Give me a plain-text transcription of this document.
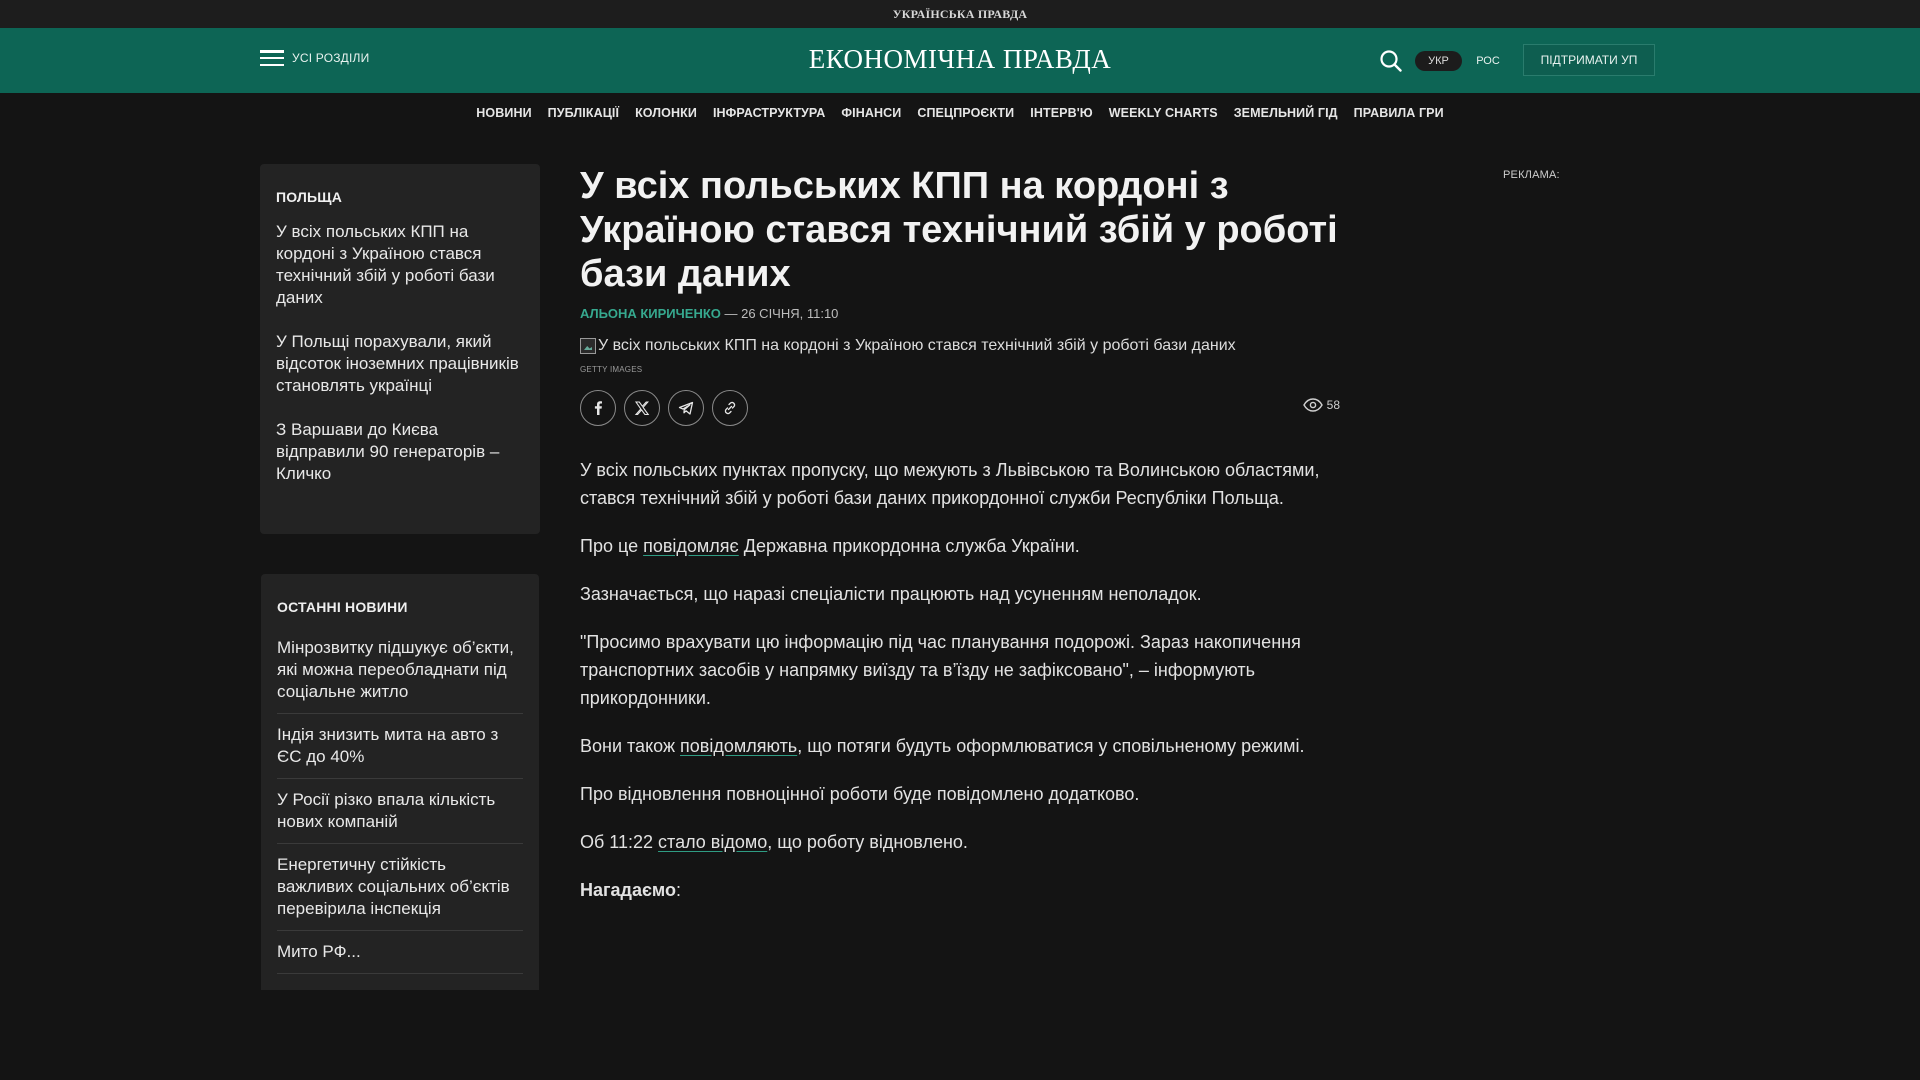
УКРАЇНСЬКА ПРАВДА
УСІ РОЗДІЛИ	ЕКОНОМІЧНА ПРАВДА	УКР	РОС	ПІДТРИМАТИ УП
НОВИНИ ПУБЛІКАЦІЇ КОЛОНКИ ІНФРАСТРУКТУРА ФІНАНСИ СПЕЦПРОЄКТИ ІНТЕРВ'Ю WEEKLY CHARTS ЗЕМЕЛЬНИЙ ГІД ПРАВИЛА ГРИ
ПОЛЬЩА
У всіх польських КПП на кордоні з Україною стався технічний збій у роботі бази даних
У Польщі порахували, який відсоток іноземних працівників становлять українці
З Варшави до Києва відправили 90 генераторів – Кличко
ОСТАННІ НОВИНИ
Мінрозвитку підшукує об’єкти, які можна переобладнати під соціальне житло
Індія знизить мита на авто з ЄС до 40%
У Росії різко впала кількість нових компаній
Енергетичну стійкість важливих соціальних об’єктів перевірила інспекція
Мито РФ...
У всіх польських КПП на кордоні з Україною стався технічний збій у роботі бази даних
АЛЬОНА КИРИЧЕНКО — 26 СІЧНЯ, 11:10
У всіх польських КПП на кордоні з Україною стався технічний збій у роботі бази даних
GETTY IMAGES
58

У всіх польських пунктах пропуску, що межують з Львівською та Волинською областями, стався технічний збій у роботі бази даних прикордонної служби Республіки Польща.

Про це повідомляє Державна прикордонна служба України.

Зазначається, що наразі спеціалісти працюють над усуненням неполадок.

"Просимо врахувати цю інформацію під час планування подорожі. Зараз накопичення транспортних засобів у напрямку виїзду та в’їзду не зафіксовано", – інформують прикордонники.

Вони також повідомляють, що потяги будуть оформлюватися у сповільненому режимі.

Про відновлення повноцінної роботи буде повідомлено додатково.

Об 11:22 стало відомо, що роботу відновлено.

Нагадаємо:

РЕКЛАМА:
